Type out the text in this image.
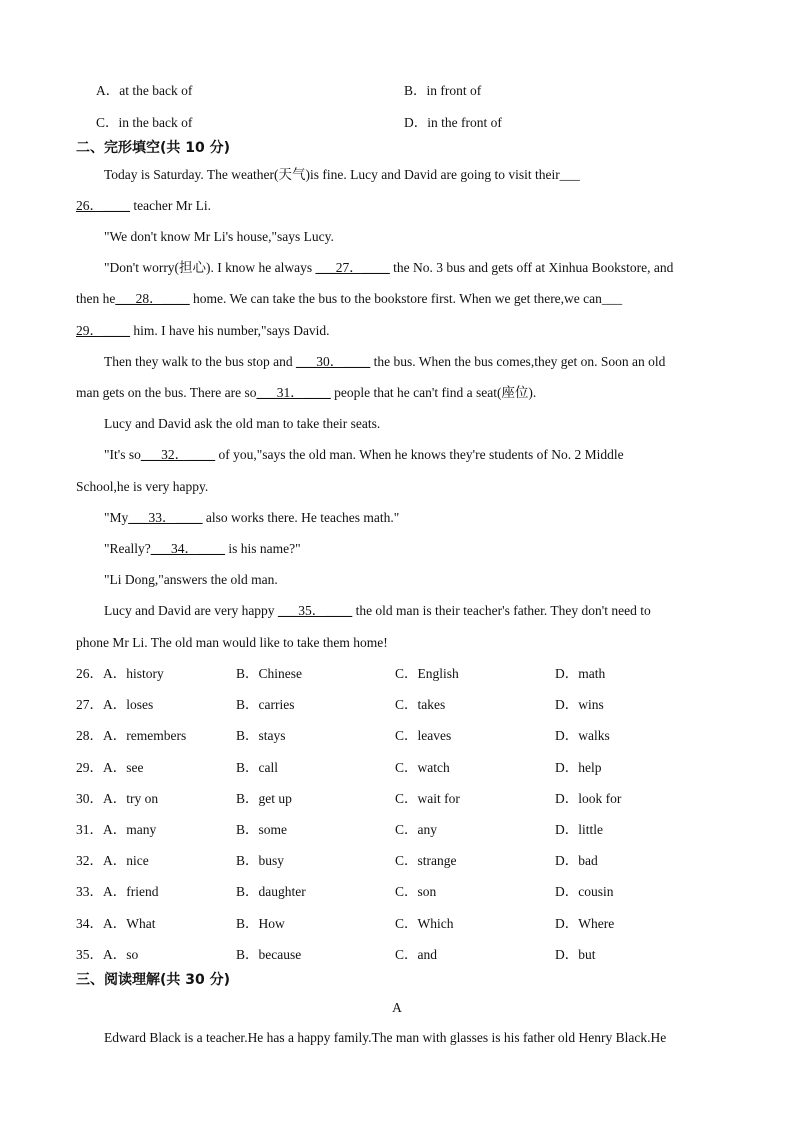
A．at the back of	B．in front of
C．in the back of	D．in the front of
二、完形填空(共 10 分)
Today is Saturday. The weather(天气)is fine. Lucy and David are going to visit their___
26．____ teacher Mr Li.
"We don't know Mr Li's house,"says Lucy.
"Don't worry(担心). I know he always ___27．____ the No. 3 bus and gets off at Xinhua Bookstore, and
then he___28．____ home. We can take the bus to the bookstore first. When we get there,we can___
29．____ him. I have his number,"says David.
Then they walk to the bus stop and ___30．____ the bus. When the bus comes,they get on. Soon an old
man gets on the bus. There are so___31．____ people that he can't find a seat(座位).
Lucy and David ask the old man to take their seats.
"It's so___32．____ of you,"says the old man. When he knows they're students of No. 2 Middle
School,he is very happy.
"My___33．____ also works there. He teaches math."
"Really?___34．____ is his name?"
"Li Dong,"answers the old man.
Lucy and David are very happy ___35．____ the old man is their teacher's father. They don't need to
phone Mr Li. The old man would like to take them home!
26．A．history	B．Chinese	C．English	D．math
27．A．loses	B．carries	C．takes	D．wins
28．A．remembers	B．stays	C．leaves	D．walks
29．A．see	B．call	C．watch	D．help
30．A．try on	B．get up	C．wait for	D．look for
31．A．many	B．some	C．any	D．little
32．A．nice	B．busy	C．strange	D．bad
33．A．friend	B．daughter	C．son	D．cousin
34．A．What	B．How	C．Which	D．Where
35．A．so	B．because	C．and	D．but
三、阅读理解(共 30 分)
A
Edward Black is a teacher.He has a happy family.The man with glasses is his father old Henry Black.He
